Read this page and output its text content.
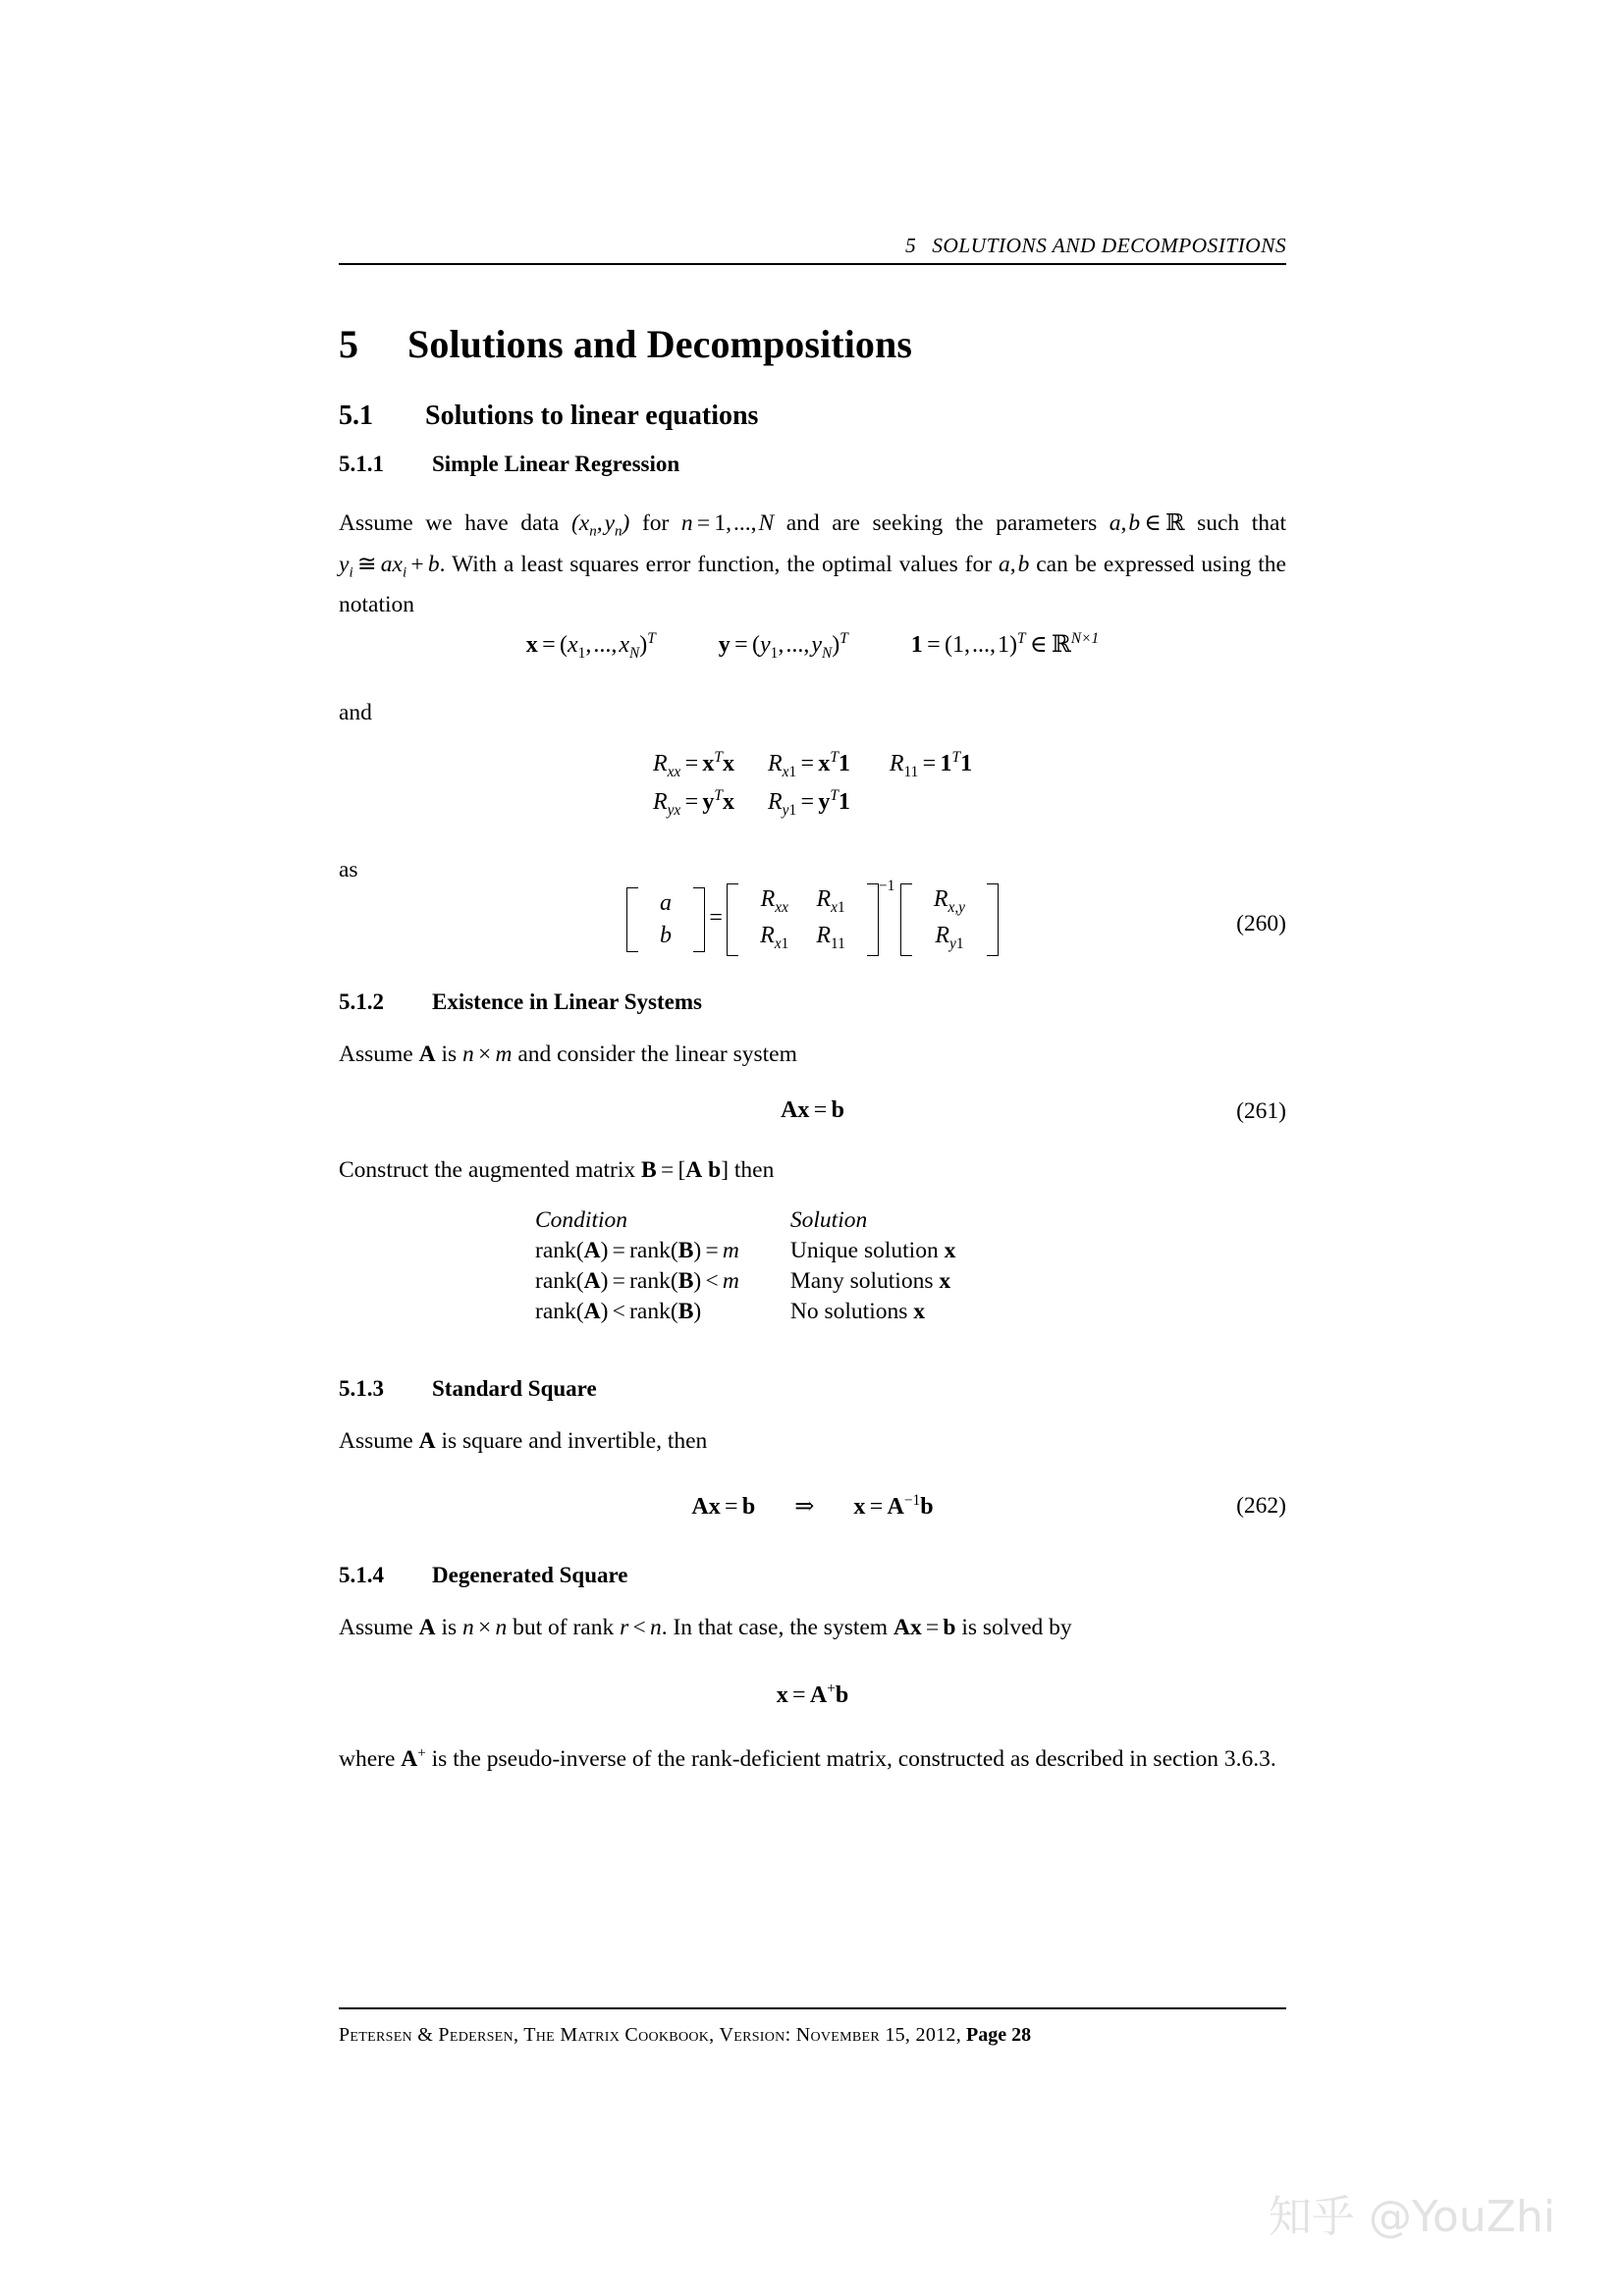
5 SOLUTIONS AND DECOMPOSITIONS
5 Solutions and Decompositions
5.1 Solutions to linear equations
5.1.1 Simple Linear Regression

Assume we have data ($x_n$, $y_n$) for n = 1, ..., N and are seeking the parameters a, b ∈ ℝ such that $y_i$ ≅ $ax_i + b$. With a least squares error function, the optimal values for a, b can be expressed using the notation

$x = (x_1$, ..., $x_N)^T$	$y = (y_1$, ..., $y_N)^T$	1 = (1, ..., 1)$^T$ ∈ ℝ$^{N\times 1}$

and

$R_{xx} = x^Tx$	$R_{x1} = x^T1$	$R_{11} = 1^T1$
$R_{yx} = y^Tx$	$R_{y1} = y^T1$	

as

a
b
=
$R_{xx}$	$R_{x1}$
$R_{x1}$	$R_{11}$
−1
$R_{x,y}$
$R_{y1}$
(260)
5.1.2 Existence in Linear Systems

Assume A is n × m and consider the linear system

Ax = b	(261)

Construct the augmented matrix B = [A b] then

Condition	Solution
rank(A) = rank(B) = m	Unique solution x
rank(A) = rank(B) < m	Many solutions x
rank(A) < rank(B)	No solutions x
5.1.3 Standard Square

Assume A is square and invertible, then

Ax = b ⇒ $x = A^{-1}b$	(262)
5.1.4 Degenerated Square

Assume A is n × n but of rank r < n. In that case, the system Ax = b is solved by

x = A+b

where A+ is the pseudo-inverse of the rank-deficient matrix, constructed as described in section 3.6.3.

Petersen & Pedersen, The Matrix Cookbook, Version: November 15, 2012, Page 28
知乎 @YouZhi
